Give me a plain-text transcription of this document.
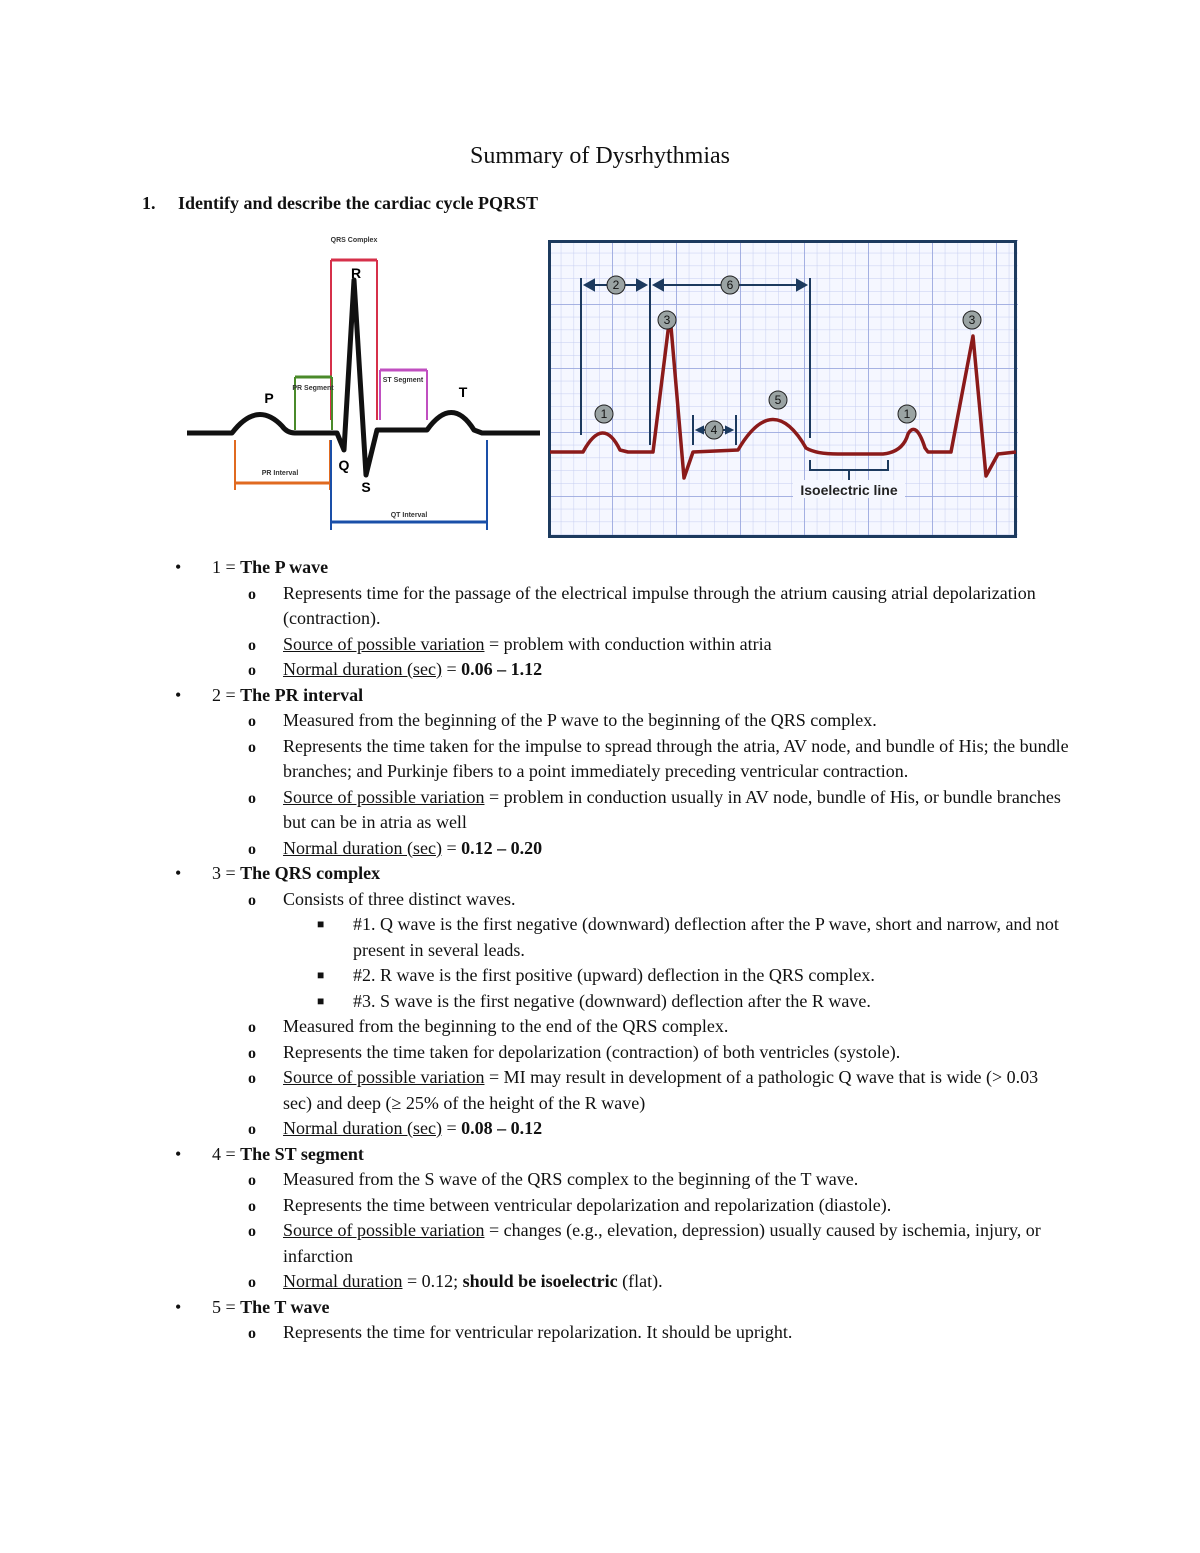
Summary of Dysrhythmias
1. Identify and describe the cardiac cycle PQRST
QRS Complex
ST Segment
PR Segment
P
R
Q
S
T
PR Interval
QT Interval
1
2
3
4
5
6
1
3
Isoelectric line
• 1 = The P wave
o Represents time for the passage of the electrical impulse through the atrium causing atrial depolarization (contraction).
o Source of possible variation = problem with conduction within atria
o Normal duration (sec) = 0.06 – 1.12
• 2 = The PR interval
o Measured from the beginning of the P wave to the beginning of the QRS complex.
o Represents the time taken for the impulse to spread through the atria, AV node, and bundle of His; the bundle branches; and Purkinje fibers to a point immediately preceding ventricular contraction.
o Source of possible variation = problem in conduction usually in AV node, bundle of His, or bundle branches but can be in atria as well
o Normal duration (sec) = 0.12 – 0.20
• 3 = The QRS complex
o Consists of three distinct waves.
■ #1. Q wave is the first negative (downward) deflection after the P wave, short and narrow, and not present in several leads.
■ #2. R wave is the first positive (upward) deflection in the QRS complex.
■ #3. S wave is the first negative (downward) deflection after the R wave.
o Measured from the beginning to the end of the QRS complex.
o Represents the time taken for depolarization (contraction) of both ventricles (systole).
o Source of possible variation = MI may result in development of a pathologic Q wave that is wide (> 0.03 sec) and deep (≥ 25% of the height of the R wave)
o Normal duration (sec) = 0.08 – 0.12
• 4 = The ST segment
o Measured from the S wave of the QRS complex to the beginning of the T wave.
o Represents the time between ventricular depolarization and repolarization (diastole).
o Source of possible variation = changes (e.g., elevation, depression) usually caused by ischemia, injury, or infarction
o Normal duration = 0.12; should be isoelectric (flat).
• 5 = The T wave
o Represents the time for ventricular repolarization. It should be upright.
